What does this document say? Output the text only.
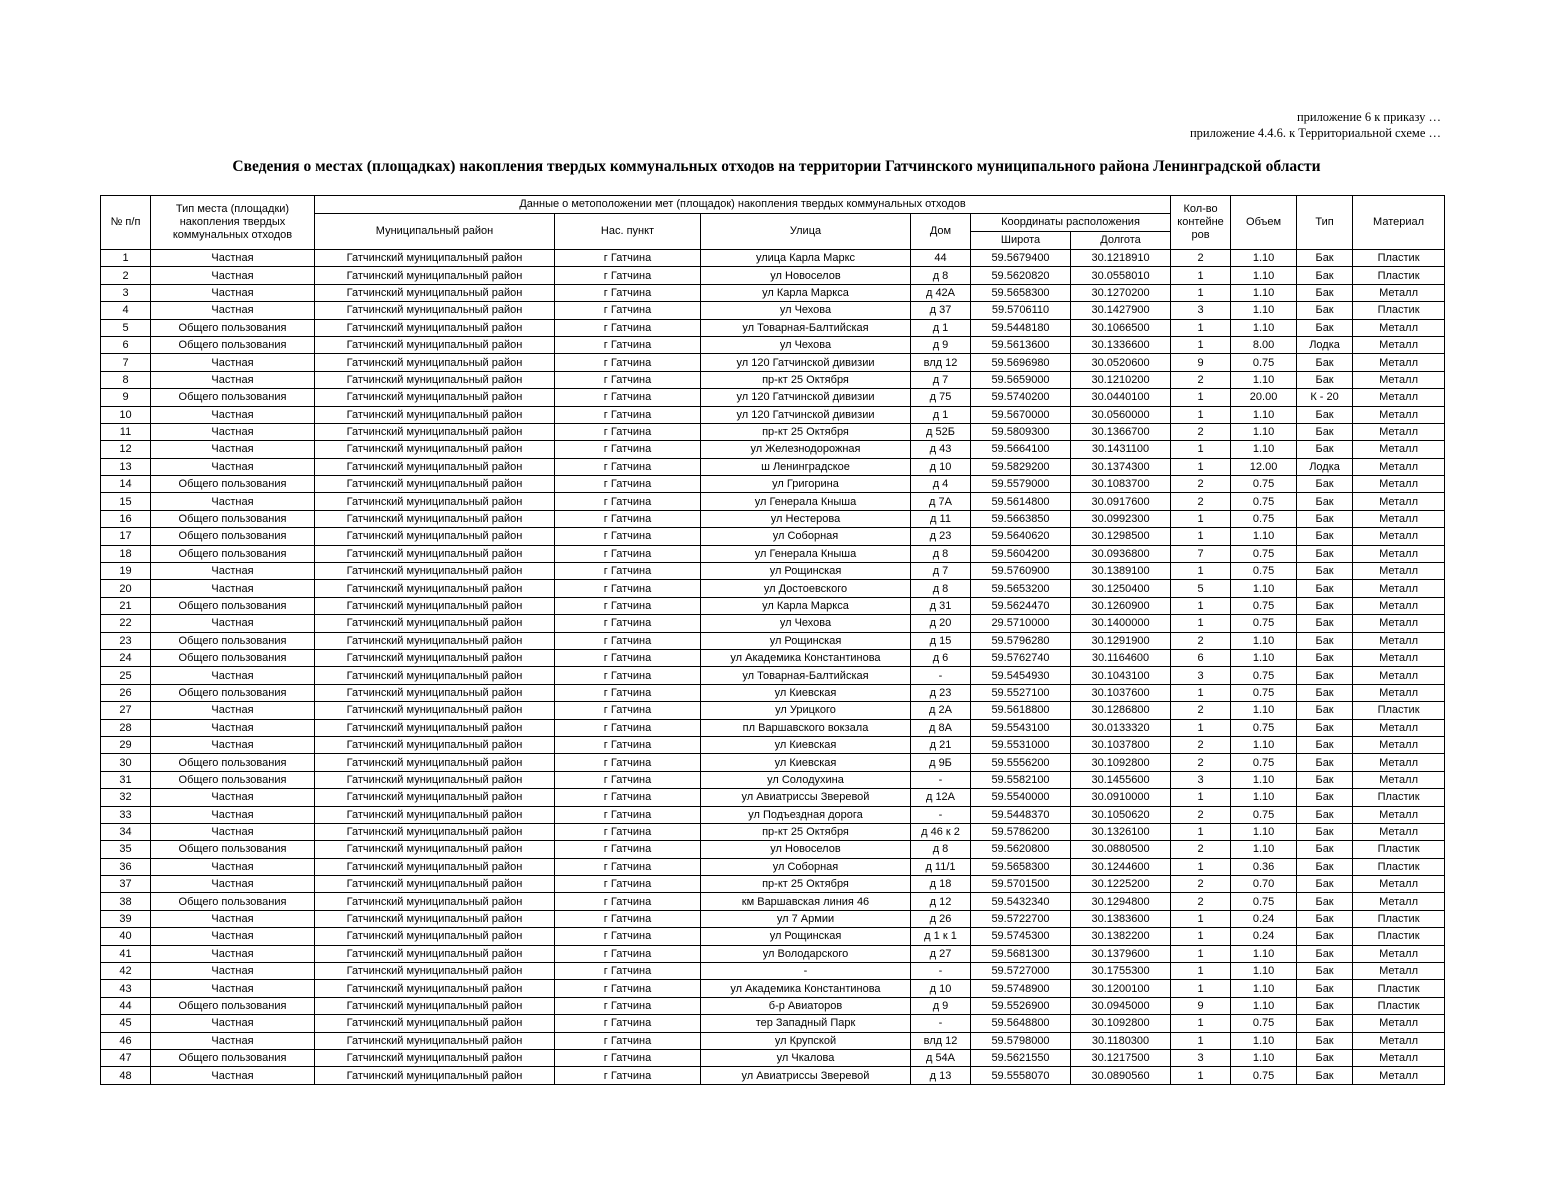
приложение 6 к приказу …
приложение 4.4.6. к Территориальной схеме …
Сведения о местах (площадках) накопления твердых коммунальных отходов на территории Гатчинского муниципального района Ленинградской области
№ п/п	Тип места (площадки) накопления твердых коммунальных отходов	Данные о метоположении мет (площадок) накопления твердых коммунальных отходов						Кол-во контейне ров	Объем	Тип	Материал
		Муниципальный район	Нас. пункт	Улица	Дом	Координаты расположения					
						Широта	Долгота				
1	Частная	Гатчинский муниципальный район	г Гатчина	улица Карла Маркс	44	59.5679400	30.1218910	2	1.10	Бак	Пластик
2	Частная	Гатчинский муниципальный район	г Гатчина	ул Новоселов	д 8	59.5620820	30.0558010	1	1.10	Бак	Пластик
3	Частная	Гатчинский муниципальный район	г Гатчина	ул Карла Маркса	д 42А	59.5658300	30.1270200	1	1.10	Бак	Металл
4	Частная	Гатчинский муниципальный район	г Гатчина	ул Чехова	д 37	59.5706110	30.1427900	3	1.10	Бак	Пластик
5	Общего пользования	Гатчинский муниципальный район	г Гатчина	ул Товарная-Балтийская	д 1	59.5448180	30.1066500	1	1.10	Бак	Металл
6	Общего пользования	Гатчинский муниципальный район	г Гатчина	ул Чехова	д 9	59.5613600	30.1336600	1	8.00	Лодка	Металл
7	Частная	Гатчинский муниципальный район	г Гатчина	ул 120 Гатчинской дивизии	влд 12	59.5696980	30.0520600	9	0.75	Бак	Металл
8	Частная	Гатчинский муниципальный район	г Гатчина	пр-кт 25 Октября	д 7	59.5659000	30.1210200	2	1.10	Бак	Металл
9	Общего пользования	Гатчинский муниципальный район	г Гатчина	ул 120 Гатчинской дивизии	д 75	59.5740200	30.0440100	1	20.00	К - 20	Металл
10	Частная	Гатчинский муниципальный район	г Гатчина	ул 120 Гатчинской дивизии	д 1	59.5670000	30.0560000	1	1.10	Бак	Металл
11	Частная	Гатчинский муниципальный район	г Гатчина	пр-кт 25 Октября	д 52Б	59.5809300	30.1366700	2	1.10	Бак	Металл
12	Частная	Гатчинский муниципальный район	г Гатчина	ул Железнодорожная	д 43	59.5664100	30.1431100	1	1.10	Бак	Металл
13	Частная	Гатчинский муниципальный район	г Гатчина	ш Ленинградское	д 10	59.5829200	30.1374300	1	12.00	Лодка	Металл
14	Общего пользования	Гатчинский муниципальный район	г Гатчина	ул Григорина	д 4	59.5579000	30.1083700	2	0.75	Бак	Металл
15	Частная	Гатчинский муниципальный район	г Гатчина	ул Генерала Кныша	д 7А	59.5614800	30.0917600	2	0.75	Бак	Металл
16	Общего пользования	Гатчинский муниципальный район	г Гатчина	ул Нестерова	д 11	59.5663850	30.0992300	1	0.75	Бак	Металл
17	Общего пользования	Гатчинский муниципальный район	г Гатчина	ул Соборная	д 23	59.5640620	30.1298500	1	1.10	Бак	Металл
18	Общего пользования	Гатчинский муниципальный район	г Гатчина	ул Генерала Кныша	д 8	59.5604200	30.0936800	7	0.75	Бак	Металл
19	Частная	Гатчинский муниципальный район	г Гатчина	ул Рощинская	д 7	59.5760900	30.1389100	1	0.75	Бак	Металл
20	Частная	Гатчинский муниципальный район	г Гатчина	ул Достоевского	д 8	59.5653200	30.1250400	5	1.10	Бак	Металл
21	Общего пользования	Гатчинский муниципальный район	г Гатчина	ул Карла Маркса	д 31	59.5624470	30.1260900	1	0.75	Бак	Металл
22	Частная	Гатчинский муниципальный район	г Гатчина	ул Чехова	д 20	29.5710000	30.1400000	1	0.75	Бак	Металл
23	Общего пользования	Гатчинский муниципальный район	г Гатчина	ул Рощинская	д 15	59.5796280	30.1291900	2	1.10	Бак	Металл
24	Общего пользования	Гатчинский муниципальный район	г Гатчина	ул Академика Константинова	д 6	59.5762740	30.1164600	6	1.10	Бак	Металл
25	Частная	Гатчинский муниципальный район	г Гатчина	ул Товарная-Балтийская	-	59.5454930	30.1043100	3	0.75	Бак	Металл
26	Общего пользования	Гатчинский муниципальный район	г Гатчина	ул Киевская	д 23	59.5527100	30.1037600	1	0.75	Бак	Металл
27	Частная	Гатчинский муниципальный район	г Гатчина	ул Урицкого	д 2А	59.5618800	30.1286800	2	1.10	Бак	Пластик
28	Частная	Гатчинский муниципальный район	г Гатчина	пл Варшавского вокзала	д 8А	59.5543100	30.0133320	1	0.75	Бак	Металл
29	Частная	Гатчинский муниципальный район	г Гатчина	ул Киевская	д 21	59.5531000	30.1037800	2	1.10	Бак	Металл
30	Общего пользования	Гатчинский муниципальный район	г Гатчина	ул Киевская	д 9Б	59.5556200	30.1092800	2	0.75	Бак	Металл
31	Общего пользования	Гатчинский муниципальный район	г Гатчина	ул Солодухина	-	59.5582100	30.1455600	3	1.10	Бак	Металл
32	Частная	Гатчинский муниципальный район	г Гатчина	ул Авиатриссы Зверевой	д 12А	59.5540000	30.0910000	1	1.10	Бак	Пластик
33	Частная	Гатчинский муниципальный район	г Гатчина	ул Подъездная дорога	-	59.5448370	30.1050620	2	0.75	Бак	Металл
34	Частная	Гатчинский муниципальный район	г Гатчина	пр-кт 25 Октября	д 46 к 2	59.5786200	30.1326100	1	1.10	Бак	Металл
35	Общего пользования	Гатчинский муниципальный район	г Гатчина	ул Новоселов	д 8	59.5620800	30.0880500	2	1.10	Бак	Пластик
36	Частная	Гатчинский муниципальный район	г Гатчина	ул Соборная	д 11/1	59.5658300	30.1244600	1	0.36	Бак	Пластик
37	Частная	Гатчинский муниципальный район	г Гатчина	пр-кт 25 Октября	д 18	59.5701500	30.1225200	2	0.70	Бак	Металл
38	Общего пользования	Гатчинский муниципальный район	г Гатчина	км Варшавская линия 46	д 12	59.5432340	30.1294800	2	0.75	Бак	Металл
39	Частная	Гатчинский муниципальный район	г Гатчина	ул 7 Армии	д 26	59.5722700	30.1383600	1	0.24	Бак	Пластик
40	Частная	Гатчинский муниципальный район	г Гатчина	ул Рощинская	д 1 к 1	59.5745300	30.1382200	1	0.24	Бак	Пластик
41	Частная	Гатчинский муниципальный район	г Гатчина	ул Володарского	д 27	59.5681300	30.1379600	1	1.10	Бак	Металл
42	Частная	Гатчинский муниципальный район	г Гатчина	-	-	59.5727000	30.1755300	1	1.10	Бак	Металл
43	Частная	Гатчинский муниципальный район	г Гатчина	ул Академика Константинова	д 10	59.5748900	30.1200100	1	1.10	Бак	Пластик
44	Общего пользования	Гатчинский муниципальный район	г Гатчина	б-р Авиаторов	д 9	59.5526900	30.0945000	9	1.10	Бак	Пластик
45	Частная	Гатчинский муниципальный район	г Гатчина	тер Западный Парк	-	59.5648800	30.1092800	1	0.75	Бак	Металл
46	Частная	Гатчинский муниципальный район	г Гатчина	ул Крупской	влд 12	59.5798000	30.1180300	1	1.10	Бак	Металл
47	Общего пользования	Гатчинский муниципальный район	г Гатчина	ул Чкалова	д 54А	59.5621550	30.1217500	3	1.10	Бак	Металл
48	Частная	Гатчинский муниципальный район	г Гатчина	ул Авиатриссы Зверевой	д 13	59.5558070	30.0890560	1	0.75	Бак	Металл
